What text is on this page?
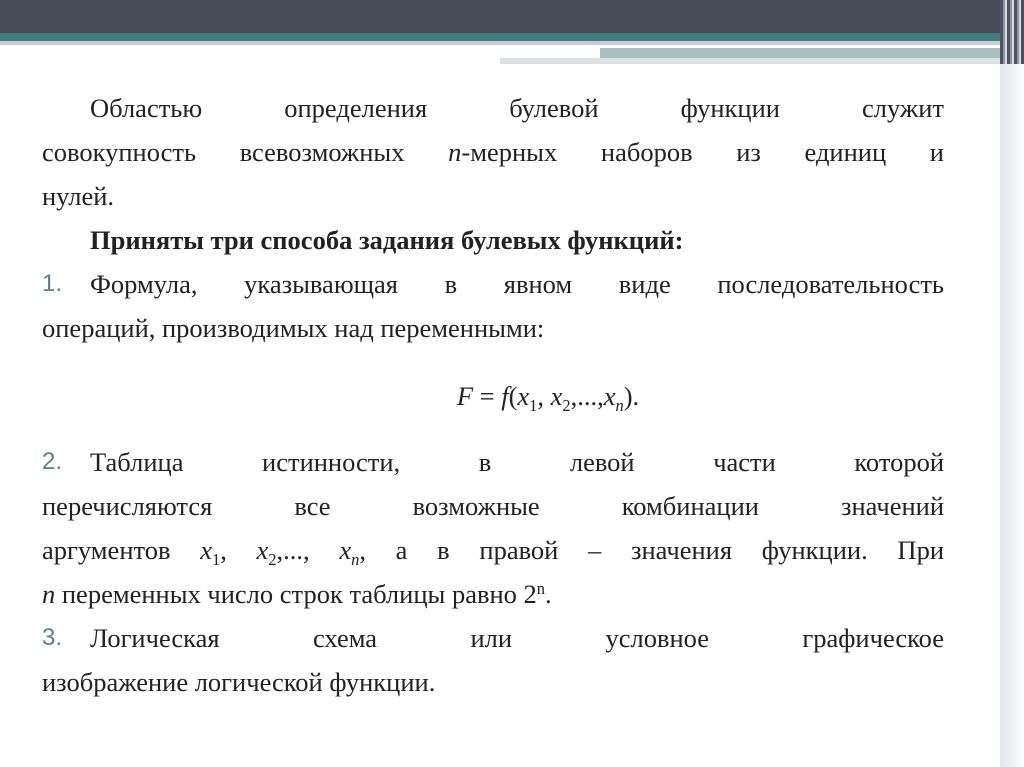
Областью определения булевой функции служит

совокупность всевозможных n-мерных наборов из единиц и

нулей.

Приняты три способа задания булевых функций:

1.	Формула, указывающая в явном виде последовательность

операций, производимых над переменными:

$F = f(x_1$, $x_2,...,x_n$).

2.	Таблица истинности, в левой части которой

перечисляются все возможные комбинации значений

аргументов $x_1$, $x_2$,..., $x_n$, а в правой – значения функции. При

n переменных число строк таблицы равно 2$^n$.

3.	Логическая схема или условное графическое

изображение логической функции.
